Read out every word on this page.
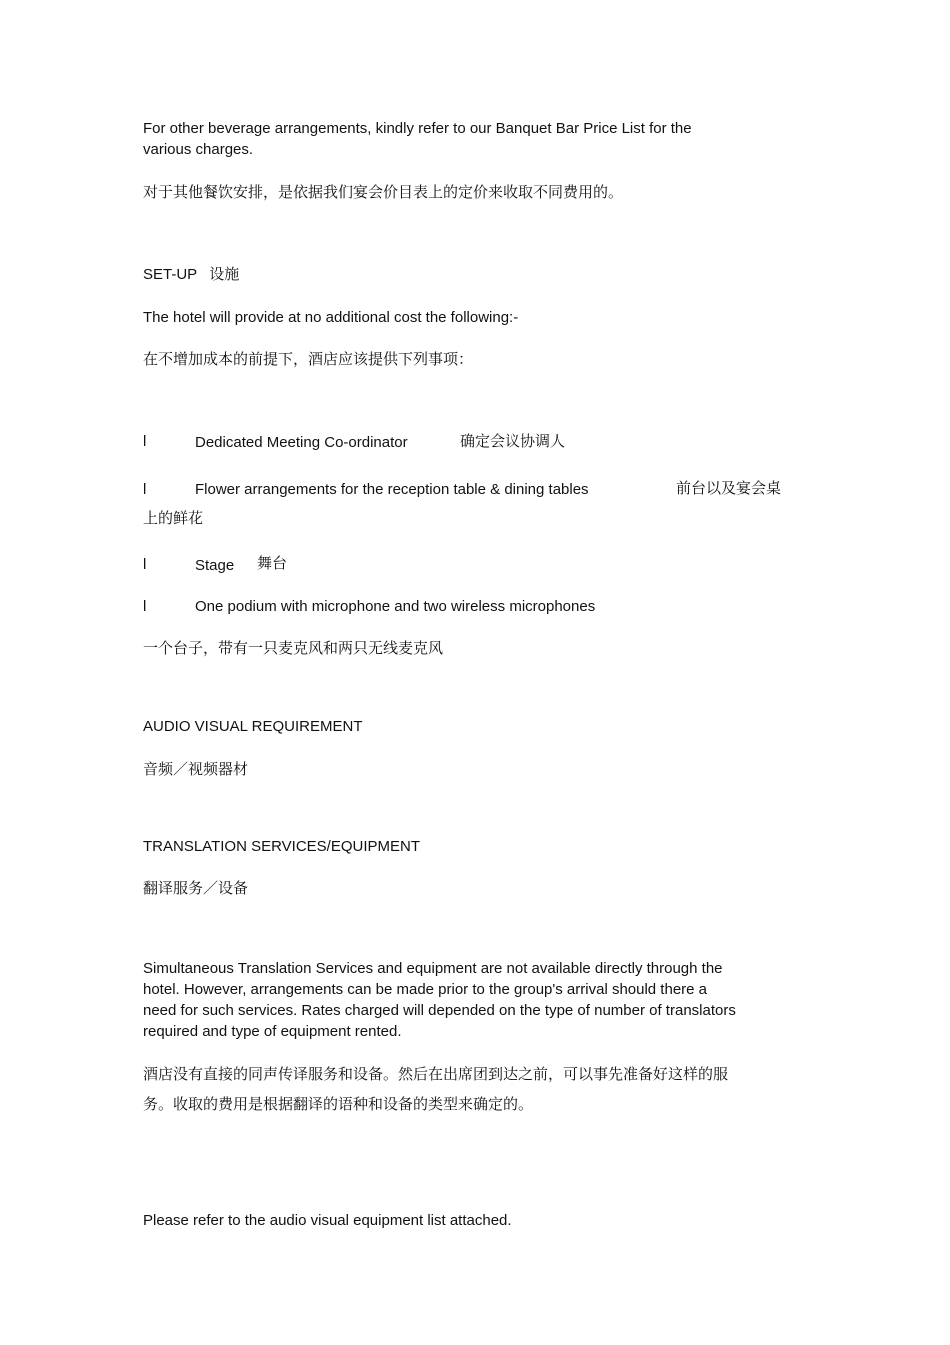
For other beverage arrangements, kindly refer to our Banquet Bar Price List for the various charges.
对于其他餐饮安排，是依据我们宴会价目表上的定价来收取不同费用的。
SET-UP 设施
The hotel will provide at no additional cost the following:-
在不增加成本的前提下，酒店应该提供下列事项：
l	Dedicated Meeting Co-ordinator	确定会议协调人
l	Flower arrangements for the reception table & dining tables	前台以及宴会桌
上的鲜花
l	Stage 舞台
l	One podium with microphone and two wireless microphones
一个台子，带有一只麦克风和两只无线麦克风
AUDIO VISUAL REQUIREMENT
音频／视频器材
TRANSLATION SERVICES/EQUIPMENT
翻译服务／设备
Simultaneous Translation Services and equipment are not available directly through the hotel. However, arrangements can be made prior to the group's arrival should there a need for such services. Rates charged will depended on the type of number of translators required and type of equipment rented.
酒店没有直接的同声传译服务和设备。然后在出席团到达之前，可以事先准备好这样的服务。收取的费用是根据翻译的语种和设备的类型来确定的。
Please refer to the audio visual equipment list attached.
